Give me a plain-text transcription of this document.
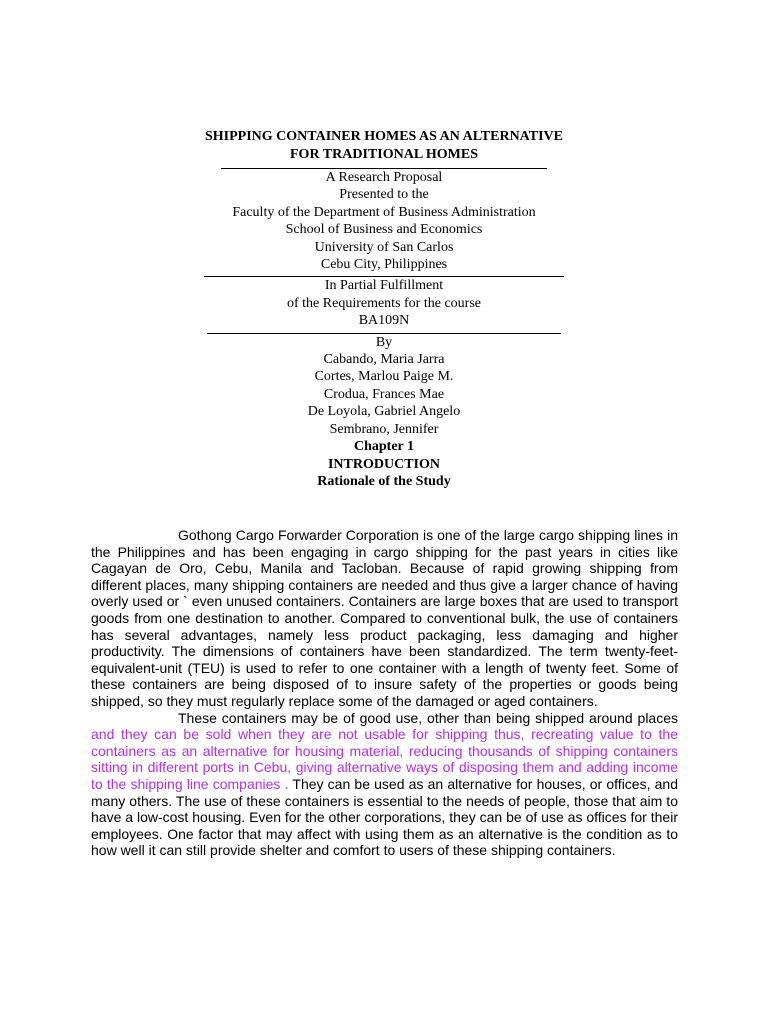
SHIPPING CONTAINER HOMES AS AN ALTERNATIVE
FOR TRADITIONAL HOMES
A Research Proposal
Presented to the
Faculty of the Department of Business Administration
School of Business and Economics
University of San Carlos
Cebu City, Philippines
In Partial Fulfillment
of the Requirements for the course
BA109N
By
Cabando, Maria Jarra
Cortes, Marlou Paige M.
Crodua, Frances Mae
De Loyola, Gabriel Angelo
Sembrano, Jennifer
Chapter 1
INTRODUCTION
Rationale of the Study

Gothong Cargo Forwarder Corporation is one of the large cargo shipping lines in the Philippines and has been engaging in cargo shipping for the past years in cities like Cagayan de Oro, Cebu, Manila and Tacloban. Because of rapid growing shipping from different places, many shipping containers are needed and thus give a larger chance of having overly used or ` even unused containers. Containers are large boxes that are used to transport goods from one destination to another. Compared to conventional bulk, the use of containers has several advantages, namely less product packaging, less damaging and higher productivity. The dimensions of containers have been standardized. The term twenty-feet-equivalent-unit (TEU) is used to refer to one container with a length of twenty feet. Some of these containers are being disposed of to insure safety of the properties or goods being shipped, so they must regularly replace some of the damaged or aged containers.

These containers may be of good use, other than being shipped around places and they can be sold when they are not usable for shipping thus, recreating value to the containers as an alternative for housing material, reducing thousands of shipping containers sitting in different ports in Cebu, giving alternative ways of disposing them and adding income to the shipping line companies . They can be used as an alternative for houses, or offices, and many others. The use of these containers is essential to the needs of people, those that aim to have a low-cost housing. Even for the other corporations, they can be of use as offices for their employees. One factor that may affect with using them as an alternative is the condition as to how well it can still provide shelter and comfort to users of these shipping containers.
